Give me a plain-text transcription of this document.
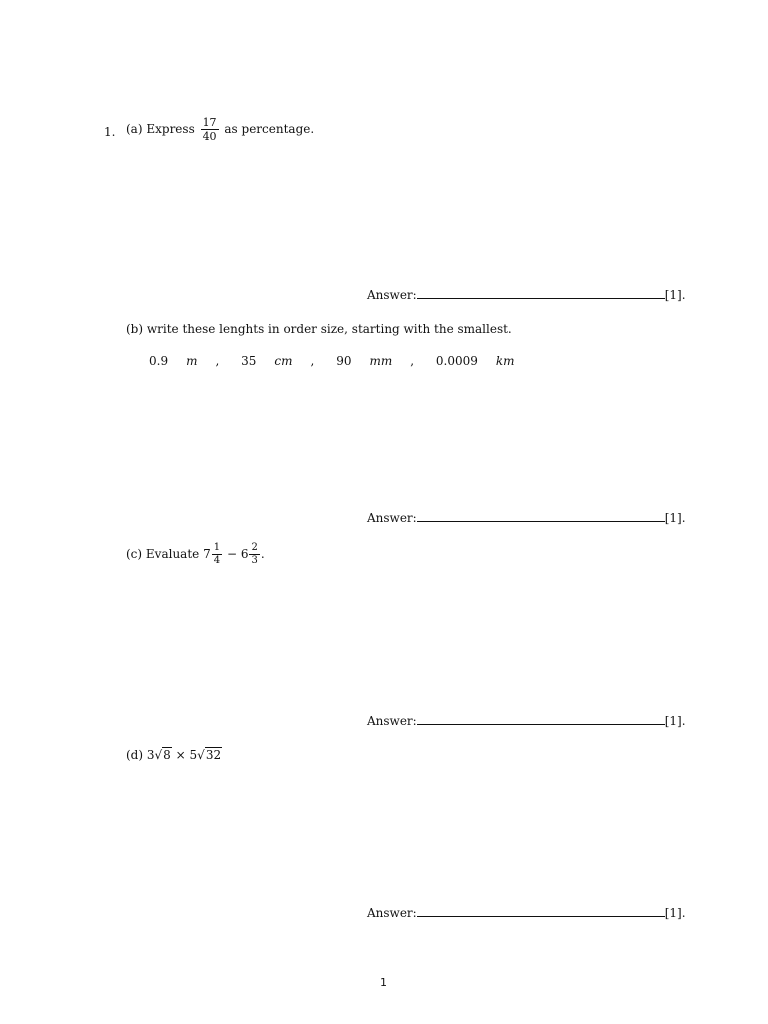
1. (a) Express $\frac{17}{40}$ as percentage.
Answer:	[1].
(b) write these lenghts in order size, starting with the smallest.
0.9 m , 35 cm , 90 mm , 0.0009 km
Answer:	[1].
(c) Evaluate $7 \frac{1}{4} - 6 \frac{2}{3}$ .
Answer:	[1].
(d) 3√8 × 5√32
Answer:	[1].
1
